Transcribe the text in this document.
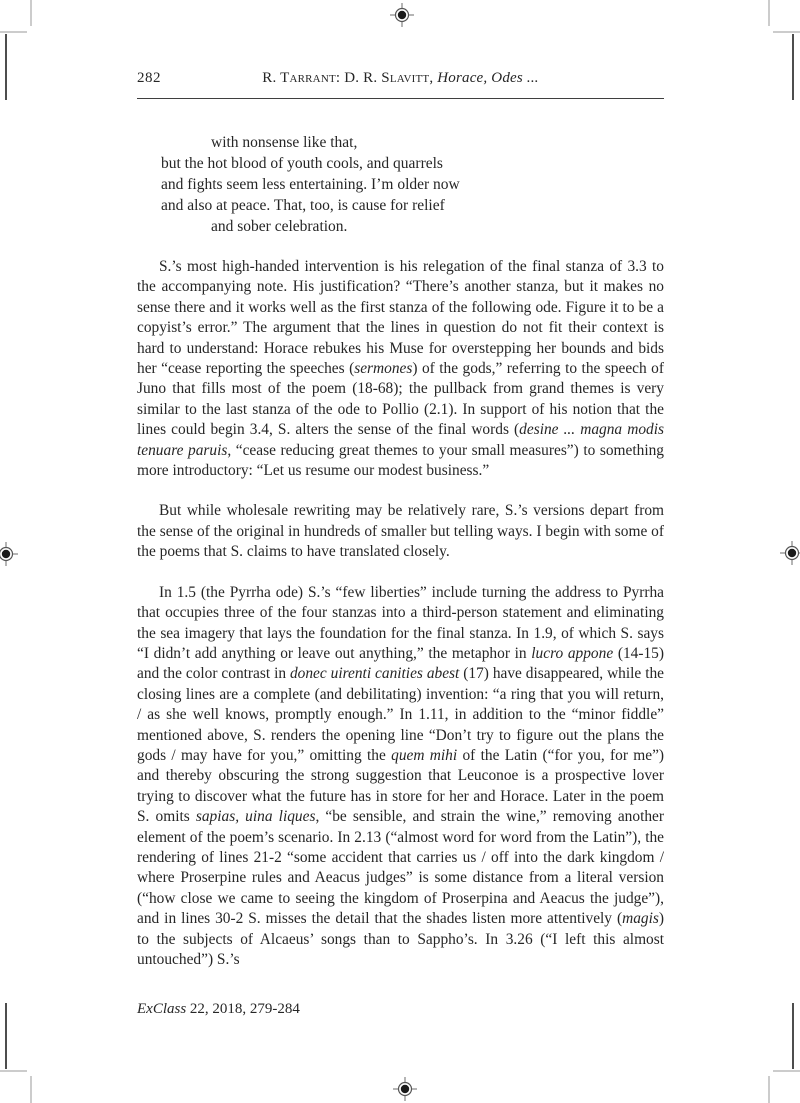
282	R. Tarrant: D. R. Slavitt, Horace, Odes ...
with nonsense like that,
but the hot blood of youth cools, and quarrels
and fights seem less entertaining. I’m older now
and also at peace. That, too, is cause for relief
and sober celebration.

S.’s most high-handed intervention is his relegation of the final stanza of 3.3 to the accompanying note. His justification? “There’s another stanza, but it makes no sense there and it works well as the first stanza of the following ode. Figure it to be a copyist’s error.” The argument that the lines in question do not fit their context is hard to understand: Horace rebukes his Muse for overstepping her bounds and bids her “cease reporting the speeches (sermones) of the gods,” referring to the speech of Juno that fills most of the poem (18-68); the pullback from grand themes is very similar to the last stanza of the ode to Pollio (2.1). In support of his notion that the lines could begin 3.4, S. alters the sense of the final words (desine ... magna modis tenuare paruis, “cease reducing great themes to your small measures”) to something more introductory: “Let us resume our modest business.”

But while wholesale rewriting may be relatively rare, S.’s versions depart from the sense of the original in hundreds of smaller but telling ways. I begin with some of the poems that S. claims to have translated closely.

In 1.5 (the Pyrrha ode) S.’s “few liberties” include turning the address to Pyrrha that occupies three of the four stanzas into a third-person statement and eliminating the sea imagery that lays the foundation for the final stanza. In 1.9, of which S. says “I didn’t add anything or leave out anything,” the metaphor in lucro appone (14-15) and the color contrast in donec uirenti canities abest (17) have disappeared, while the closing lines are a complete (and debilitating) invention: “a ring that you will return, / as she well knows, promptly enough.” In 1.11, in addition to the “minor fiddle” mentioned above, S. renders the opening line “Don’t try to figure out the plans the gods / may have for you,” omitting the quem mihi of the Latin (“for you, for me”) and thereby obscuring the strong suggestion that Leuconoe is a prospective lover trying to discover what the future has in store for her and Horace. Later in the poem S. omits sapias, uina liques, “be sensible, and strain the wine,” removing another element of the poem’s scenario. In 2.13 (“almost word for word from the Latin”), the rendering of lines 21-2 “some accident that carries us / off into the dark kingdom / where Proserpine rules and Aeacus judges” is some distance from a literal version (“how close we came to seeing the kingdom of Proserpina and Aeacus the judge”), and in lines 30-2 S. misses the detail that the shades listen more attentively (magis) to the subjects of Alcaeus’ songs than to Sappho’s. In 3.26 (“I left this almost untouched”) S.’s

ExClass 22, 2018, 279-284
